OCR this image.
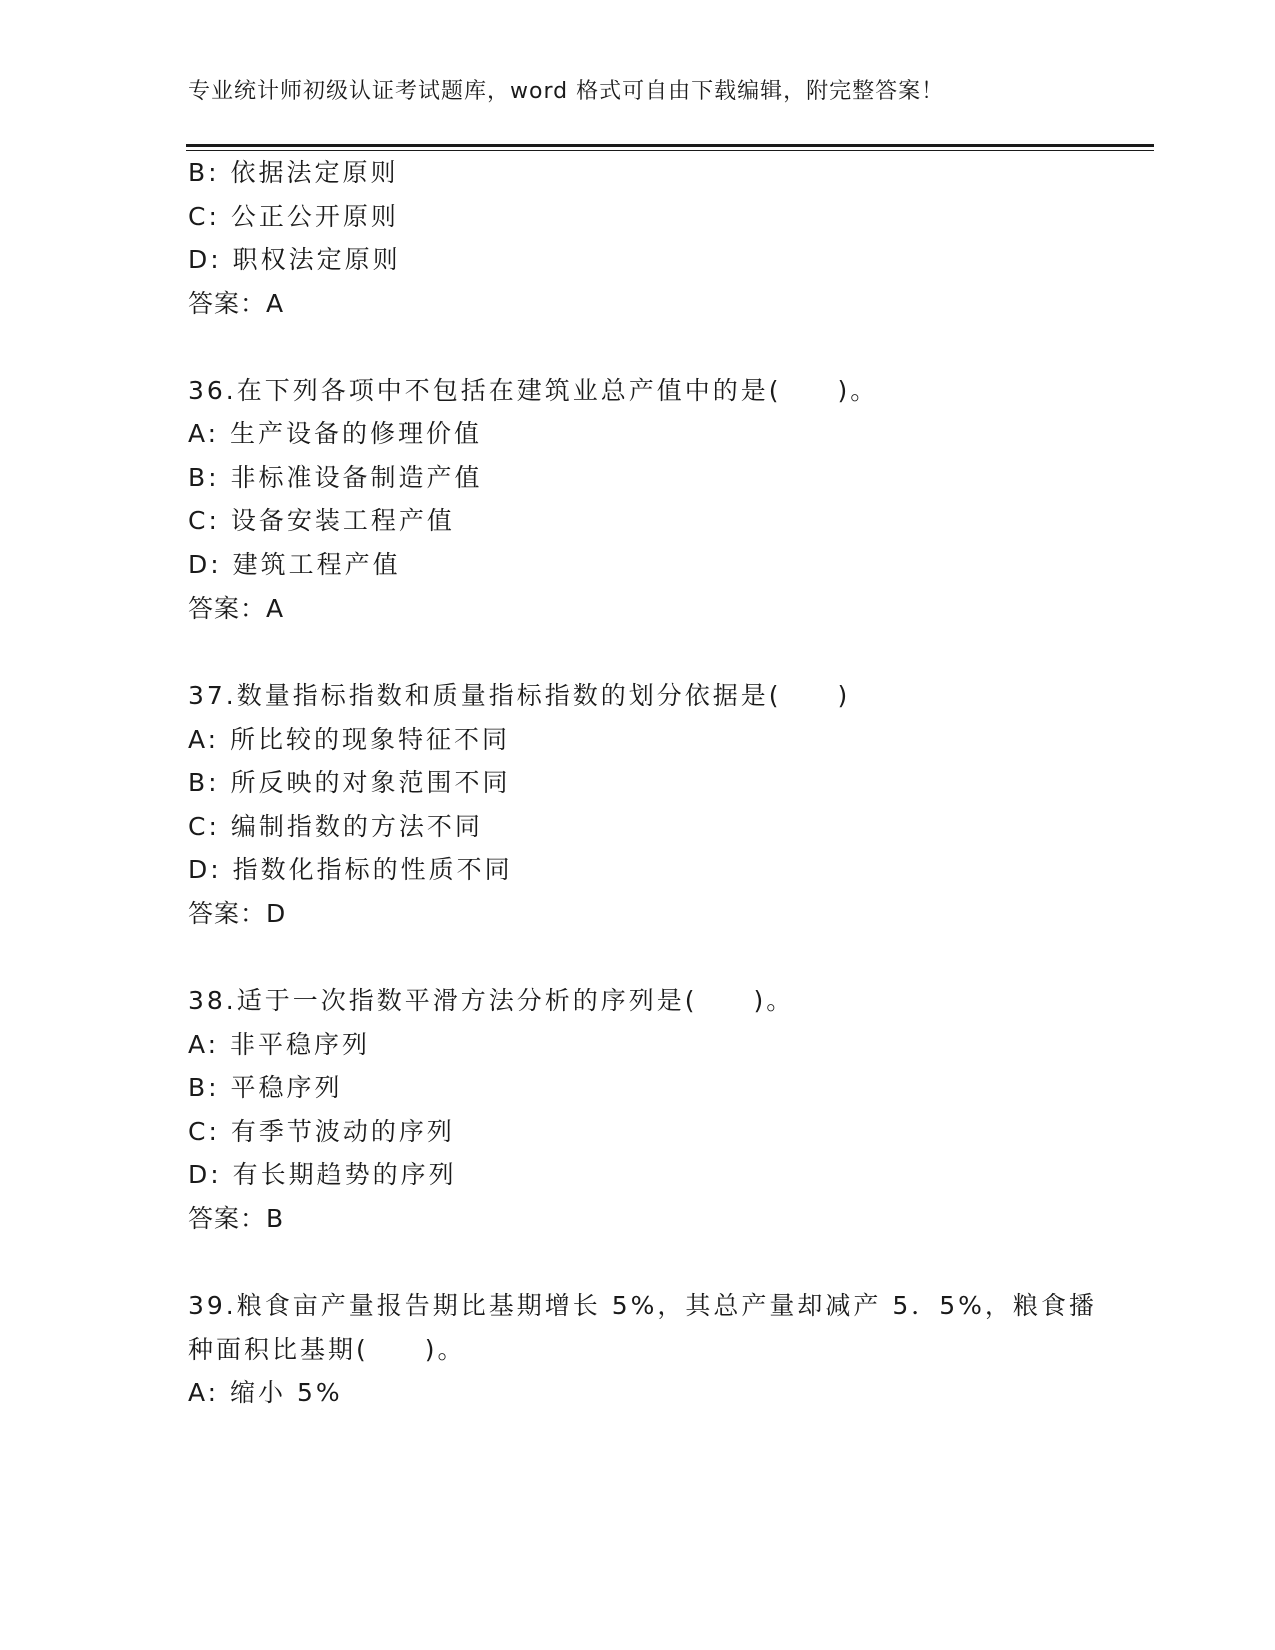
专业统计师初级认证考试题库，word 格式可自由下载编辑，附完整答案！
B: 依据法定原则
C: 公正公开原则
D: 职权法定原则
答案：A
36.在下列各项中不包括在建筑业总产值中的是(　　)。
A: 生产设备的修理价值
B: 非标准设备制造产值
C: 设备安装工程产值
D: 建筑工程产值
答案：A
37.数量指标指数和质量指标指数的划分依据是(　　)
A: 所比较的现象特征不同
B: 所反映的对象范围不同
C: 编制指数的方法不同
D: 指数化指标的性质不同
答案：D
38.适于一次指数平滑方法分析的序列是(　　)。
A: 非平稳序列
B: 平稳序列
C: 有季节波动的序列
D: 有长期趋势的序列
答案：B
39.粮食亩产量报告期比基期增长 5%，其总产量却减产 5．5%，粮食播
种面积比基期(　　)。
A: 缩小 5%
